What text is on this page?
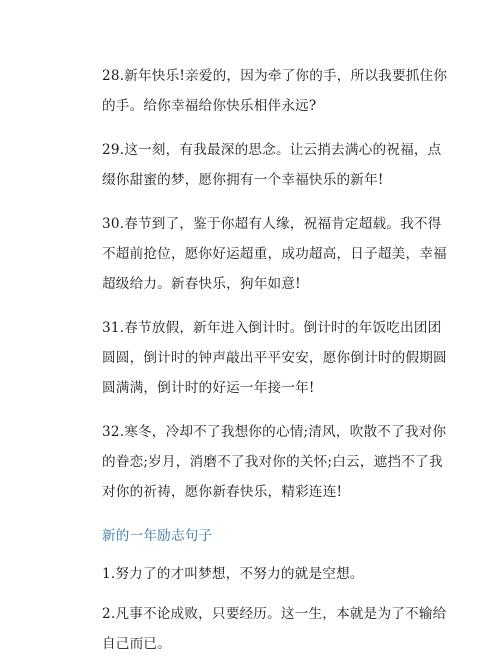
28.新年快乐!亲爱的，因为牵了你的手，所以我要抓住你的手。给你幸福给你快乐相伴永远?

29.这一刻，有我最深的思念。让云捎去满心的祝福，点缀你甜蜜的梦，愿你拥有一个幸福快乐的新年!

30.春节到了，鉴于你超有人缘，祝福肯定超载。我不得不超前抢位，愿你好运超重，成功超高，日子超美，幸福超级给力。新春快乐，狗年如意!

31.春节放假，新年进入倒计时。倒计时的年饭吃出团团圆圆，倒计时的钟声敲出平平安安，愿你倒计时的假期圆圆满满，倒计时的好运一年接一年!

32.寒冬，冷却不了我想你的心情;清风，吹散不了我对你的眷恋;岁月，消磨不了我对你的关怀;白云，遮挡不了我对你的祈祷，愿你新春快乐，精彩连连!

新的一年励志句子

1.努力了的才叫梦想，不努力的就是空想。

2.凡事不论成败，只要经历。这一生，本就是为了不输给自己而已。
